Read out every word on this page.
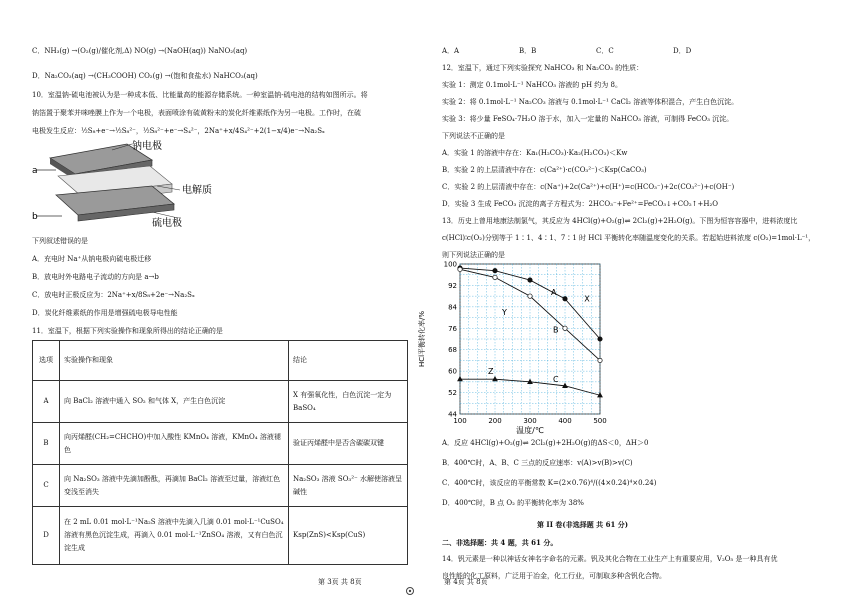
C．NH₃(g) →(O₂(g)/催化剂,Δ) NO(g) →(NaOH(aq)) NaNO₂(aq)
D．Na₂CO₃(aq) →(CH₃COOH) CO₂(g) →(饱和食盐水) NaHCO₃(aq)
10．室温钠-硫电池被认为是一种成本低、比能量高的能源存储系统。一种室温钠-硫电池的结构如图所示。将
钠箔置于聚苯并咪唑膜上作为一个电极，表面喷涂有硫黄粉末的炭化纤维素纸作为另一电极。工作时，在硫
电极发生反应：½S₈+e⁻→½S₈²⁻，½S₈²⁻+e⁻→S₄²⁻，2Na⁺+x/4S₄²⁻+2(1−x/4)e⁻→Na₂Sₓ
a
b
钠电极
电解质
硫电极
下列叙述错误的是
A．充电时 Na⁺从钠电极向硫电极迁移
B．放电时外电路电子流动的方向是 a→b
C．放电时正极反应为：2Na⁺+x/8S₈+2e⁻→Na₂Sₓ
D．炭化纤维素纸的作用是增强硫电极导电性能
11．室温下，根据下列实验操作和现象所得出的结论正确的是
选项	实验操作和现象	结论
A	向 BaCl₂ 溶液中通入 SO₂ 和气体 X，产生白色沉淀	X 有强氧化性，白色沉淀一定为 BaSO₄
B	向丙烯醛(CH₂=CHCHO)中加入酸性 KMnO₄ 溶液，KMnO₄ 溶液褪色	验证丙烯醛中是否含碳碳双键
C	向 Na₂SO₃ 溶液中先滴加酚酞，再滴加 BaCl₂ 溶液至过量，溶液红色变浅至消失	Na₂SO₃ 溶液 SO₃²⁻ 水解使溶液呈碱性
D	在 2 mL 0.01 mol·L⁻¹Na₂S 溶液中先滴入几滴 0.01 mol·L⁻¹CuSO₄ 溶液有黑色沉淀生成，再滴入 0.01 mol·L⁻¹ZnSO₄ 溶液，又有白色沉淀生成	Ksp(ZnS)<Ksp(CuS)
第 3页 共 8页
A．A	B．B	C．C	D．D
12．室温下，通过下列实验探究 NaHCO₃ 和 Na₂CO₃ 的性质：
实验 1：测定 0.1mol·L⁻¹ NaHCO₃ 溶液的 pH 约为 8。
实验 2：将 0.1mol·L⁻¹ Na₂CO₃ 溶液与 0.1mol·L⁻¹ CaCl₂ 溶液等体积混合，产生白色沉淀。
实验 3：将少量 FeSO₄·7H₂O 溶于水，加入一定量的 NaHCO₃ 溶液，可制得 FeCO₃ 沉淀。
下列说法不正确的是
A．实验 1 的溶液中存在：Ka₁(H₂CO₃)·Ka₂(H₂CO₃)＜Kw
B．实验 2 的上层清液中存在：c(Ca²⁺)·c(CO₃²⁻)＜Ksp(CaCO₃)
C．实验 2 的上层清液中存在：c(Na⁺)+2c(Ca²⁺)+c(H⁺)=c(HCO₃⁻)+2c(CO₃²⁻)+c(OH⁻)
D．实验 3 生成 FeCO₃ 沉淀的离子方程式为：2HCO₃⁻+Fe²⁺=FeCO₃↓+CO₂↑+H₂O
13．历史上曾用地康法制氯气，其反应为 4HCl(g)+O₂(g)⇌ 2Cl₂(g)+2H₂O(g)。下图为恒容容器中，进料浓度比
c(HCl)∶c(O₂)分别等于 1∶1、4∶1、7∶1 时 HCl 平衡转化率随温度变化的关系。若起始进料浓度 c(O₂)=1mol·L⁻¹，
则下列说法正确的是
100	200	300	400	500
44
52
60
68
76
84
92
100
温度/℃
HCl平衡转化率/%
X
Y
Z
A
B
C
A．反应 4HCl(g)+O₂(g)⇌ 2Cl₂(g)+2H₂O(g)的ΔS＜0，ΔH＞0
B．400℃时，A、B、C 三点的反应速率：v(A)>v(B)>v(C)
C．400℃时，该反应的平衡常数 K=(2×0.76)⁴/((4×0.24)⁴×0.24)
D．400℃时，B 点 O₂ 的平衡转化率为 38%
第 II 卷(非选择题 共 61 分)
二、非选择题：共 4 题，共 61 分。
14．钒元素是一种以神话女神名字命名的元素。钒及其化合物在工业生产上有重要应用，V₂O₅ 是一种具有优
良性能的化工原料，广泛用于冶金，化工行业，可制取多种含钒化合物。
第 4页 共 8页
